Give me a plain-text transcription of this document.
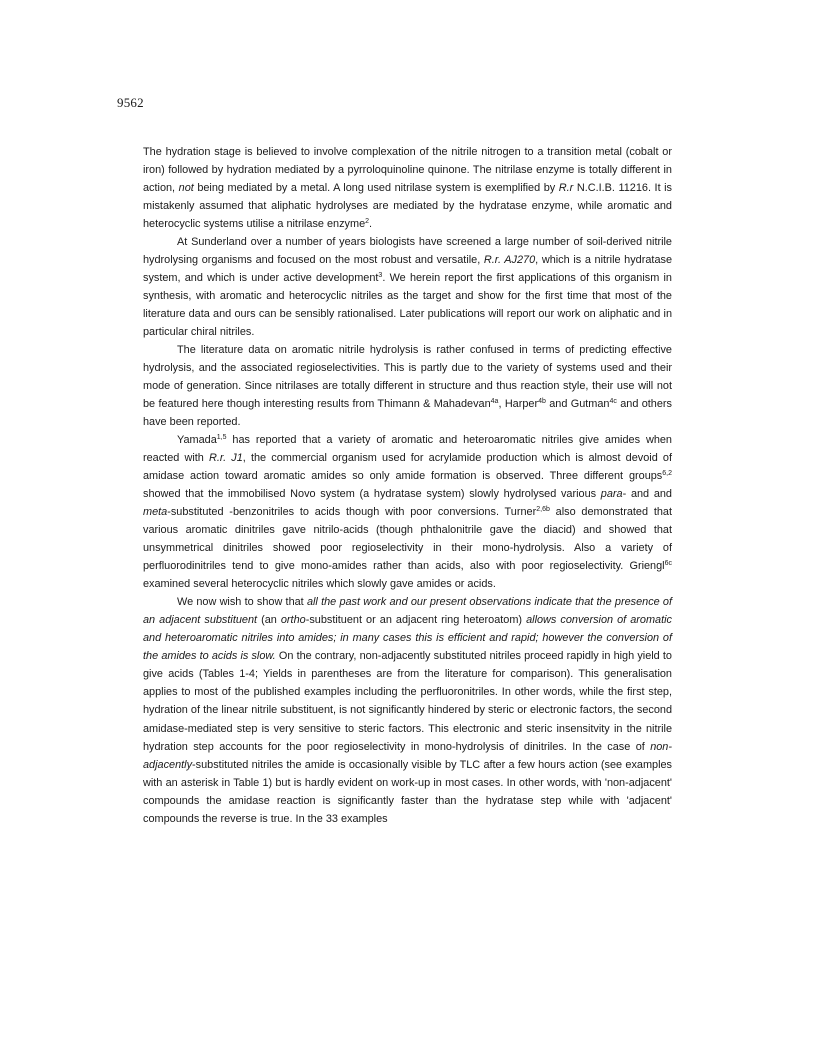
9562

The hydration stage is believed to involve complexation of the nitrile nitrogen to a transition metal (cobalt or iron) followed by hydration mediated by a pyrroloquinoline quinone. The nitrilase enzyme is totally different in action, not being mediated by a metal. A long used nitrilase system is exemplified by R.r N.C.I.B. 11216. It is mistakenly assumed that aliphatic hydrolyses are mediated by the hydratase enzyme, while aromatic and heterocyclic systems utilise a nitrilase enzyme$^2$.

At Sunderland over a number of years biologists have screened a large number of soil-derived nitrile hydrolysing organisms and focused on the most robust and versatile, R.r. AJ270, which is a nitrile hydratase system, and which is under active development$^3$. We herein report the first applications of this organism in synthesis, with aromatic and heterocyclic nitriles as the target and show for the first time that most of the literature data and ours can be sensibly rationalised. Later publications will report our work on aliphatic and in particular chiral nitriles.

The literature data on aromatic nitrile hydrolysis is rather confused in terms of predicting effective hydrolysis, and the associated regioselectivities. This is partly due to the variety of systems used and their mode of generation. Since nitrilases are totally different in structure and thus reaction style, their use will not be featured here though interesting results from Thimann & Mahadevan$^{4a}$, Harper$^{4b}$ and Gutman$^{4c}$ and others have been reported.

Yamada$^{1,5}$ has reported that a variety of aromatic and heteroaromatic nitriles give amides when reacted with R.r. J1, the commercial organism used for acrylamide production which is almost devoid of amidase action toward aromatic amides so only amide formation is observed. Three different groups$^{6,2}$ showed that the immobilised Novo system (a hydratase system) slowly hydrolysed various para- and and meta-substituted -benzonitriles to acids though with poor conversions. Turner$^{2,6b}$ also demonstrated that various aromatic dinitriles gave nitrilo-acids (though phthalonitrile gave the diacid) and showed that unsymmetrical dinitriles showed poor regioselectivity in their mono-hydrolysis. Also a variety of perfluorodinitriles tend to give mono-amides rather than acids, also with poor regioselectivity. Griengl$^{6c}$ examined several heterocyclic nitriles which slowly gave amides or acids.

We now wish to show that all the past work and our present observations indicate that the presence of an adjacent substituent (an ortho-substituent or an adjacent ring heteroatom) allows conversion of aromatic and heteroaromatic nitriles into amides; in many cases this is efficient and rapid; however the conversion of the amides to acids is slow. On the contrary, non-adjacently substituted nitriles proceed rapidly in high yield to give acids (Tables 1-4; Yields in parentheses are from the literature for comparison). This generalisation applies to most of the published examples including the perfluoronitriles. In other words, while the first step, hydration of the linear nitrile substituent, is not significantly hindered by steric or electronic factors, the second amidase-mediated step is very sensitive to steric factors. This electronic and steric insensitvity in the nitrile hydration step accounts for the poor regioselectivity in mono-hydrolysis of dinitriles. In the case of non-adjacently-substituted nitriles the amide is occasionally visible by TLC after a few hours action (see examples with an asterisk in Table 1) but is hardly evident on work-up in most cases. In other words, with 'non-adjacent' compounds the amidase reaction is significantly faster than the hydratase step while with 'adjacent' compounds the reverse is true. In the 33 examples
